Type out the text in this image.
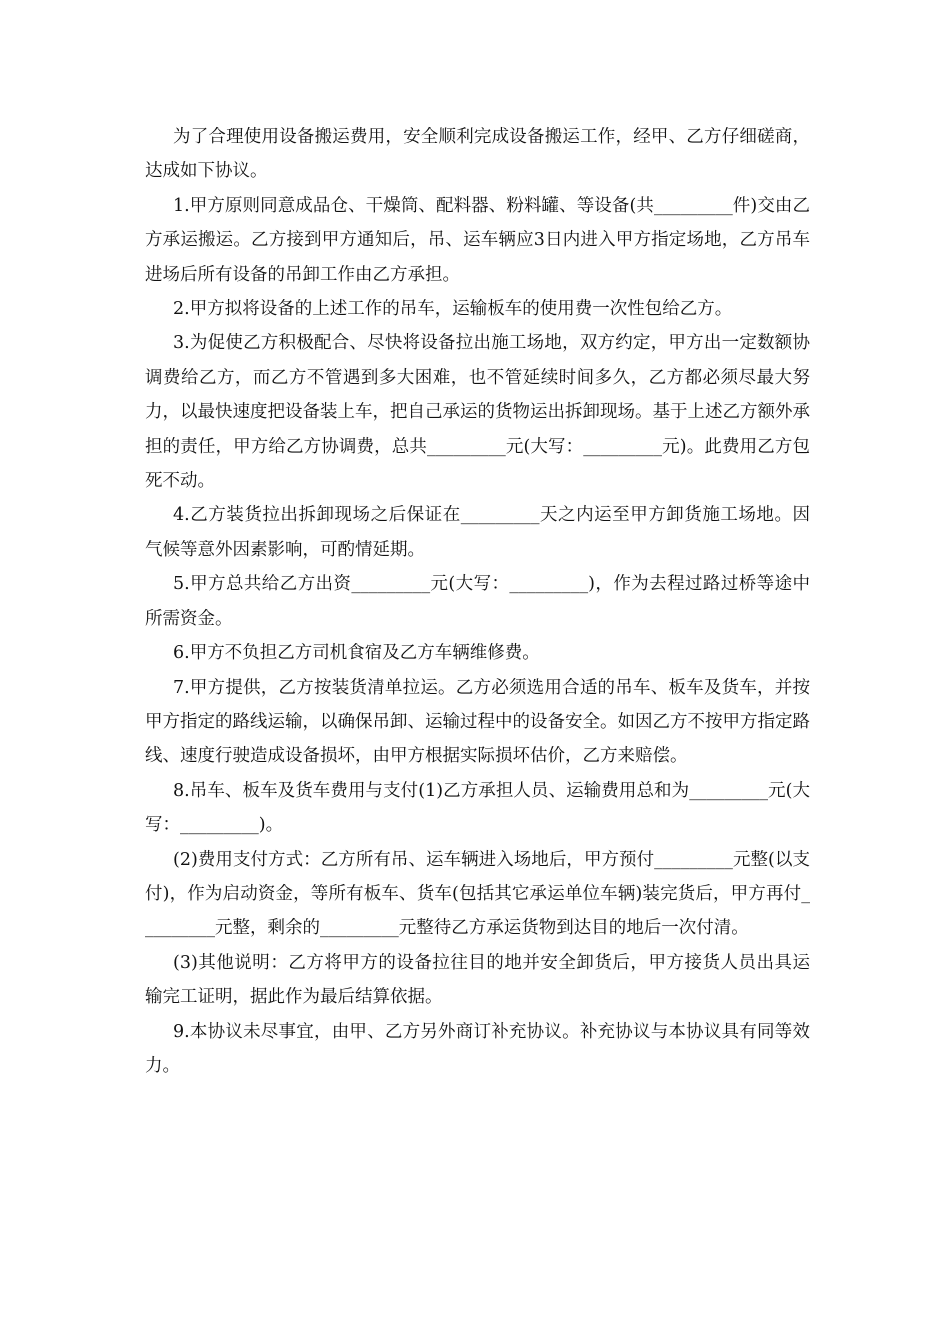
为了合理使用设备搬运费用，安全顺利完成设备搬运工作，经甲、乙方仔细磋商，达成如下协议。

1.甲方原则同意成品仓、干燥筒、配料器、粉料罐、等设备(共_________件)交由乙方承运搬运。乙方接到甲方通知后，吊、运车辆应3日内进入甲方指定场地，乙方吊车进场后所有设备的吊卸工作由乙方承担。

2.甲方拟将设备的上述工作的吊车，运输板车的使用费一次性包给乙方。

3.为促使乙方积极配合、尽快将设备拉出施工场地，双方约定，甲方出一定数额协调费给乙方，而乙方不管遇到多大困难，也不管延续时间多久，乙方都必须尽最大努力，以最快速度把设备装上车，把自己承运的货物运出拆卸现场。基于上述乙方额外承担的责任，甲方给乙方协调费，总共_________元(大写：_________元)。此费用乙方包死不动。

4.乙方装货拉出拆卸现场之后保证在_________天之内运至甲方卸货施工场地。因气候等意外因素影响，可酌情延期。

5.甲方总共给乙方出资_________元(大写：_________)，作为去程过路过桥等途中所需资金。

6.甲方不负担乙方司机食宿及乙方车辆维修费。

7.甲方提供，乙方按装货清单拉运。乙方必须选用合适的吊车、板车及货车，并按甲方指定的路线运输，以确保吊卸、运输过程中的设备安全。如因乙方不按甲方指定路线、速度行驶造成设备损坏，由甲方根据实际损坏估价，乙方来赔偿。

8.吊车、板车及货车费用与支付(1)乙方承担人员、运输费用总和为_________元(大写：_________)。

(2)费用支付方式：乙方所有吊、运车辆进入场地后，甲方预付_________元整(以支付)，作为启动资金，等所有板车、货车(包括其它承运单位车辆)装完货后，甲方再付_________元整，剩余的_________元整待乙方承运货物到达目的地后一次付清。

(3)其他说明：乙方将甲方的设备拉往目的地并安全卸货后，甲方接货人员出具运输完工证明，据此作为最后结算依据。

9.本协议未尽事宜，由甲、乙方另外商订补充协议。补充协议与本协议具有同等效力。
